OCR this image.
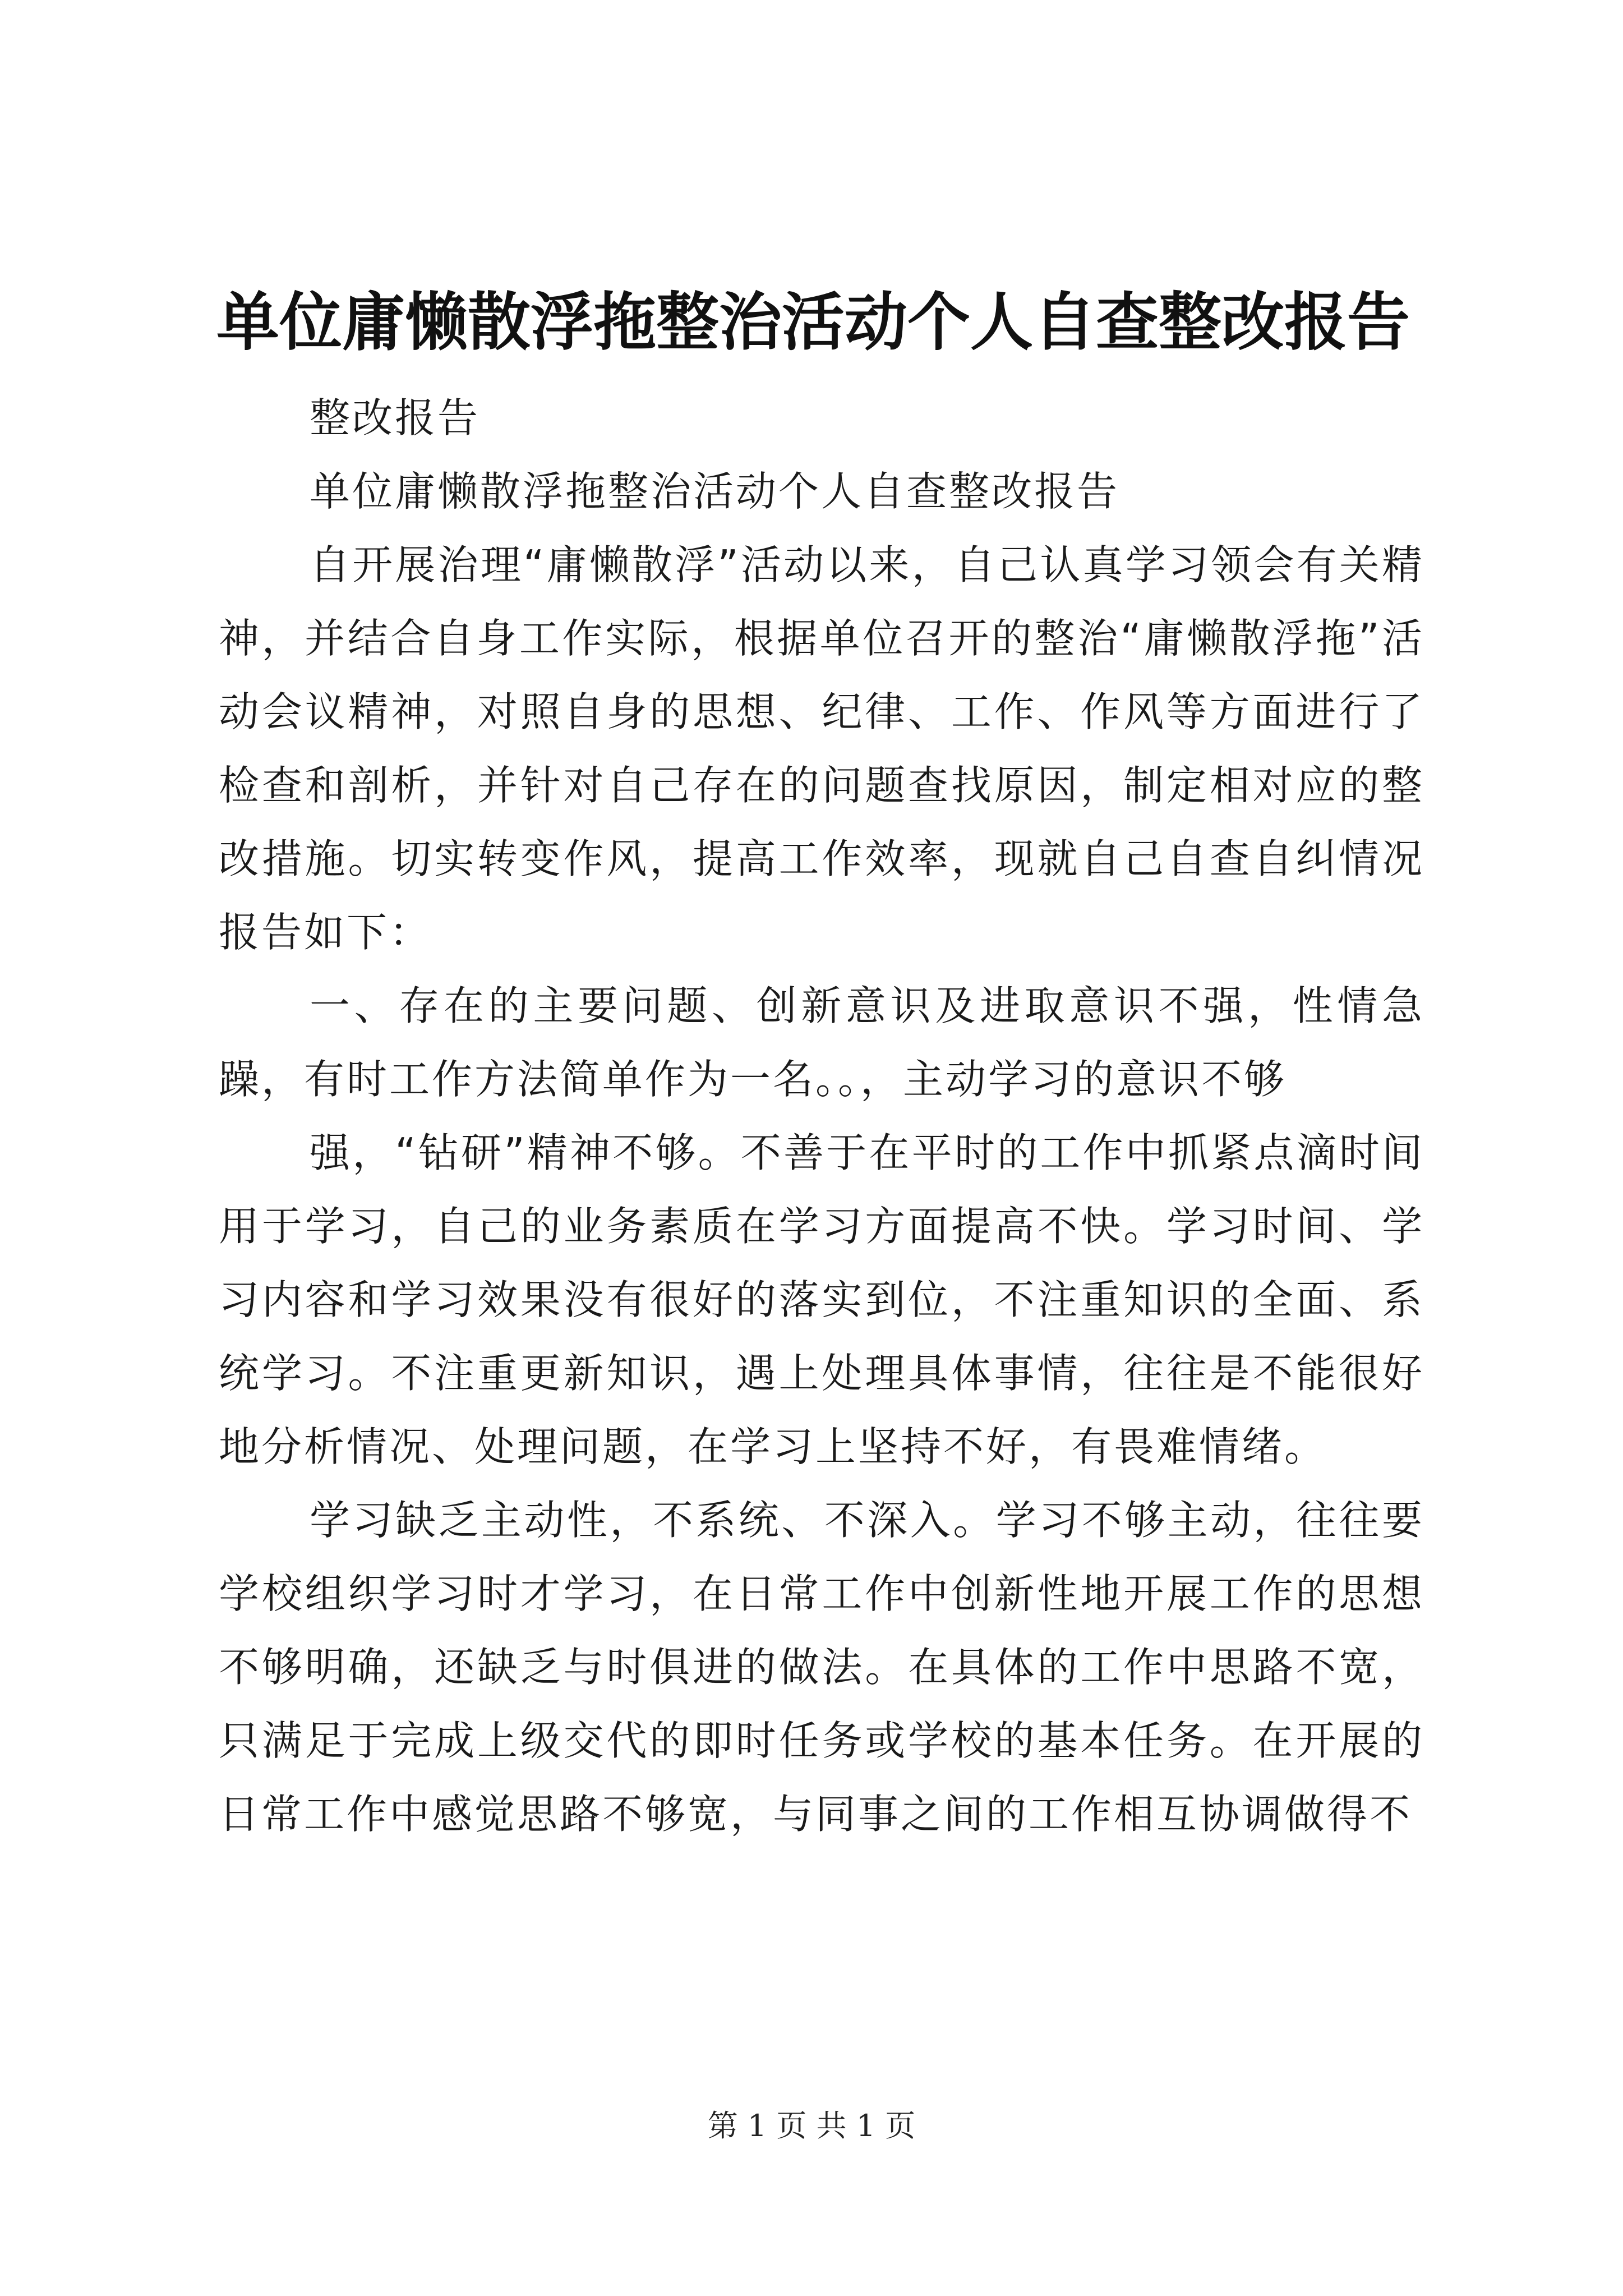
单位庸懒散浮拖整治活动个人自查整改报告

整改报告

单位庸懒散浮拖整治活动个人自查整改报告

自开展治理“庸懒散浮”活动以来，自己认真学习领会有关精神，并结合自身工作实际，根据单位召开的整治“庸懒散浮拖”活动会议精神，对照自身的思想、纪律、工作、作风等方面进行了检查和剖析，并针对自己存在的问题查找原因，制定相对应的整改措施。切实转变作风，提高工作效率，现就自己自查自纠情况报告如下：

一、存在的主要问题、创新意识及进取意识不强，性情急躁，有时工作方法简单作为一名。。，主动学习的意识不够

强，“钻研”精神不够。不善于在平时的工作中抓紧点滴时间用于学习，自己的业务素质在学习方面提高不快。学习时间、学习内容和学习效果没有很好的落实到位，不注重知识的全面、系统学习。不注重更新知识，遇上处理具体事情，往往是不能很好地分析情况、处理问题，在学习上坚持不好，有畏难情绪。

学习缺乏主动性，不系统、不深入。学习不够主动，往往要学校组织学习时才学习，在日常工作中创新性地开展工作的思想不够明确，还缺乏与时俱进的做法。在具体的工作中思路不宽，只满足于完成上级交代的即时任务或学校的基本任务。在开展的日常工作中感觉思路不够宽，与同事之间的工作相互协调做得不

第 1 页 共 1 页
